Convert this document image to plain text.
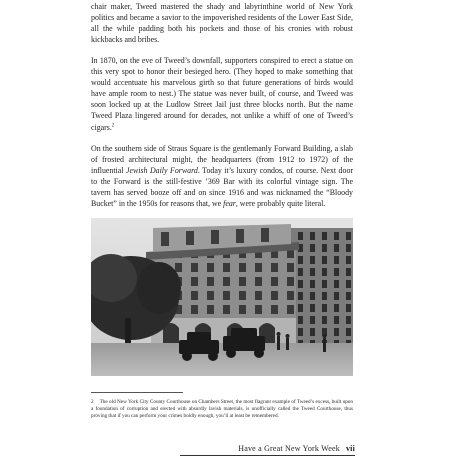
chair maker, Tweed mastered the shady and labyrinthine world of New York politics and became a savior to the impoverished residents of the Lower East Side, all the while padding both his pockets and those of his cronies with robust kickbacks and bribes.

In 1870, on the eve of Tweed’s downfall, supporters conspired to erect a statue on this very spot to honor their besieged hero. (They hoped to make something that would accentuate his marvelous girth so that future generations of birds would have ample room to nest.) The statue was never built, of course, and Tweed was soon locked up at the Ludlow Street Jail just three blocks north. But the name Tweed Plaza lingered around for decades, not unlike a whiff of one of Tweed’s cigars.$^2$

On the southern side of Straus Square is the gentlemanly Forward Building, a slab of frosted architectural might, the headquarters (from 1912 to 1972) of the influential Jewish Daily Forward. Today it’s luxury condos, of course. Next door to the Forward is the still-festive ’369 Bar with its colorful vintage sign. The tavern has served booze off and on since 1916 and was nicknamed the “Bloody Bucket” in the 1950s for reasons that, we fear, were probably quite literal.

2 The old New York City County Courthouse on Chambers Street, the most flagrant example of Tweed’s excess, built upon a foundation of corruption and erected with absurdly lavish materials, is unofficially called the Tweed Courthouse, thus proving that if you can perform your crimes boldly enough, you’ll at least be remembered.
Have a Great New York Week vii
